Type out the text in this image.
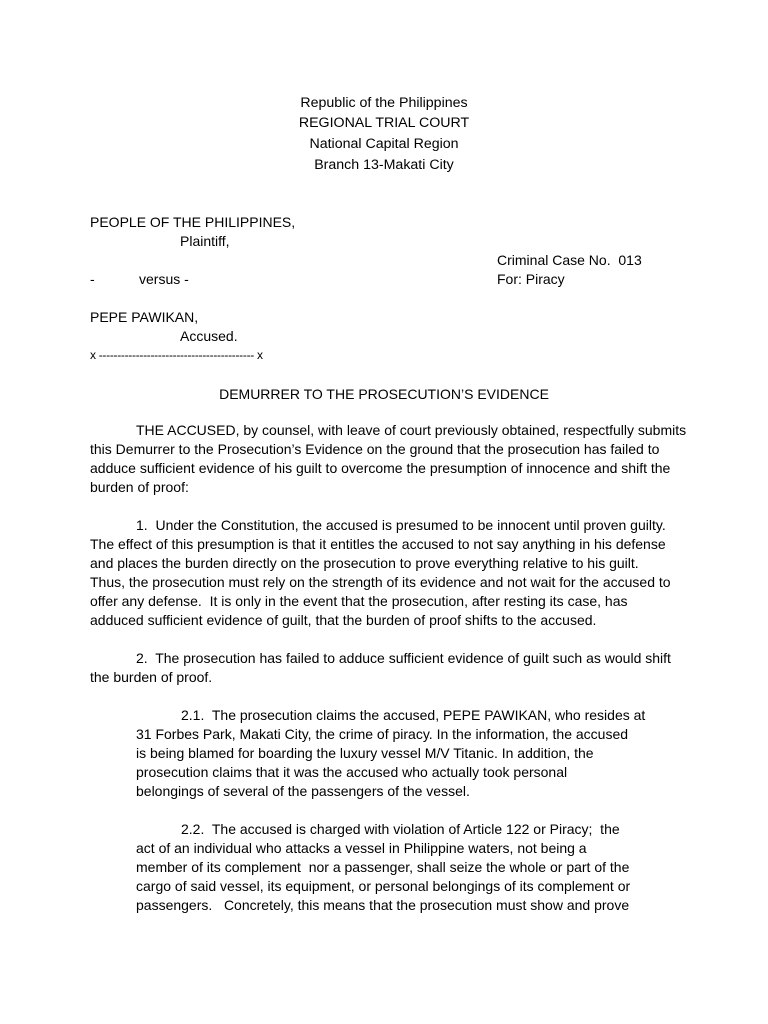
Republic of the Philippines
REGIONAL TRIAL COURT
National Capital Region
Branch 13-Makati City
PEOPLE OF THE PHILIPPINES,
Plaintiff,
Criminal Case No.  013
-	versus -	For: Piracy
PEPE PAWIKAN,
Accused.
x ------------------------------------------ x
DEMURRER TO THE PROSECUTION’S EVIDENCE
THE ACCUSED, by counsel, with leave of court previously obtained, respectfully submits
this Demurrer to the Prosecution’s Evidence on the ground that the prosecution has failed to
adduce sufficient evidence of his guilt to overcome the presumption of innocence and shift the
burden of proof:
1.  Under the Constitution, the accused is presumed to be innocent until proven guilty.
The effect of this presumption is that it entitles the accused to not say anything in his defense
and places the burden directly on the prosecution to prove everything relative to his guilt.
Thus, the prosecution must rely on the strength of its evidence and not wait for the accused to
offer any defense.  It is only in the event that the prosecution, after resting its case, has
adduced sufficient evidence of guilt, that the burden of proof shifts to the accused.
2.  The prosecution has failed to adduce sufficient evidence of guilt such as would shift
the burden of proof.
2.1.  The prosecution claims the accused, PEPE PAWIKAN, who resides at
31 Forbes Park, Makati City, the crime of piracy. In the information, the accused
is being blamed for boarding the luxury vessel M/V Titanic. In addition, the
prosecution claims that it was the accused who actually took personal
belongings of several of the passengers of the vessel.
2.2.  The accused is charged with violation of Article 122 or Piracy;  the
act of an individual who attacks a vessel in Philippine waters, not being a
member of its complement  nor a passenger, shall seize the whole or part of the
cargo of said vessel, its equipment, or personal belongings of its complement or
passengers.   Concretely, this means that the prosecution must show and prove
